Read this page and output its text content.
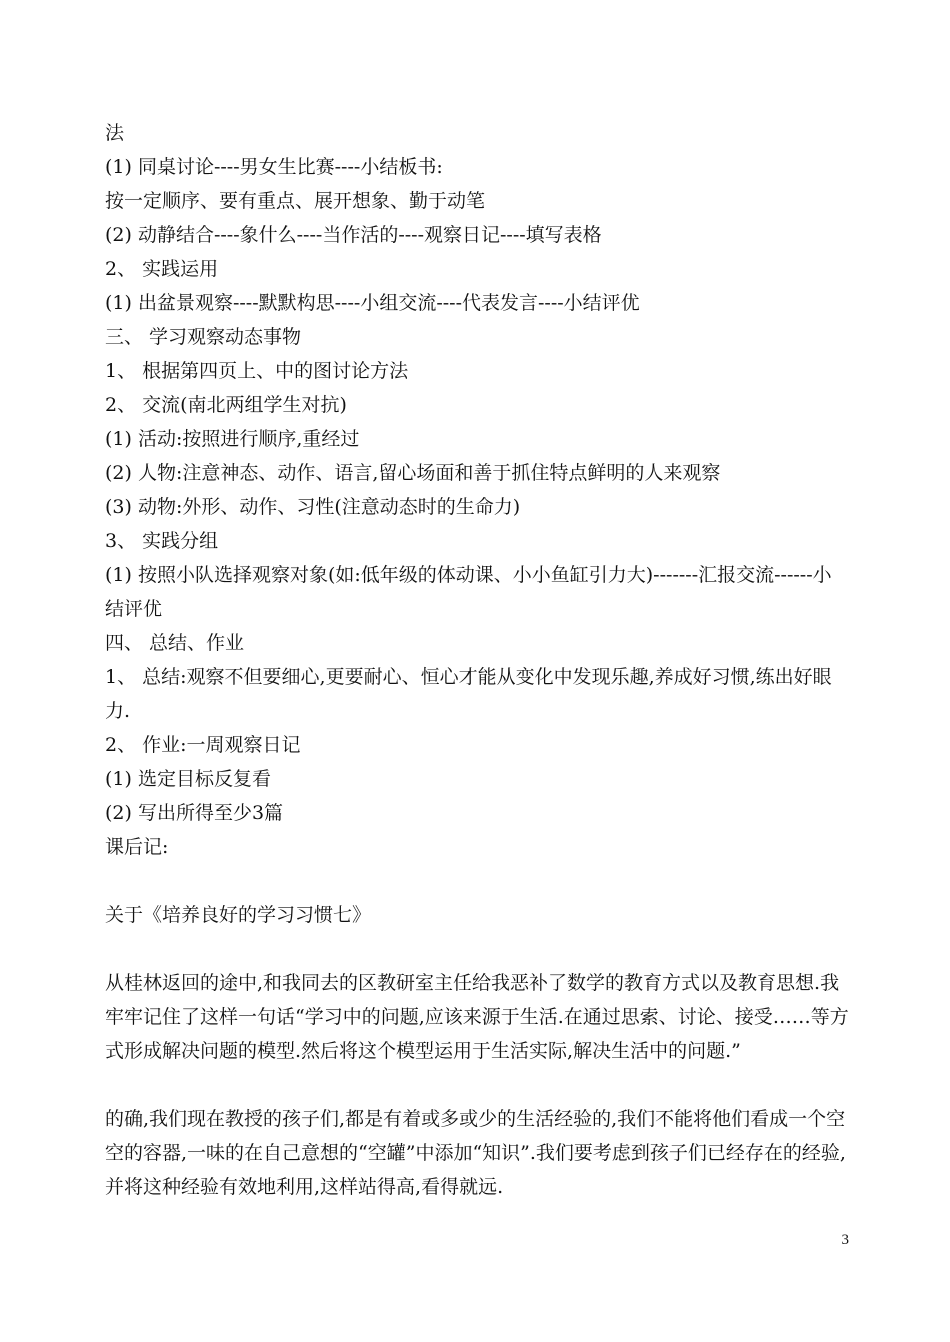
法
(1) 同桌讨论----男女生比赛----小结板书:
按一定顺序、要有重点、展开想象、勤于动笔
(2) 动静结合----象什么----当作活的----观察日记----填写表格
2、 实践运用
(1) 出盆景观察----默默构思----小组交流----代表发言----小结评优
三、 学习观察动态事物
1、 根据第四页上、中的图讨论方法
2、 交流(南北两组学生对抗)
(1) 活动:按照进行顺序,重经过
(2) 人物:注意神态、动作、语言,留心场面和善于抓住特点鲜明的人来观察
(3) 动物:外形、动作、习性(注意动态时的生命力)
3、 实践分组
(1) 按照小队选择观察对象(如:低年级的体动课、小小鱼缸引力大)-------汇报交流------小结评优
四、 总结、作业
1、 总结:观察不但要细心,更要耐心、恒心才能从变化中发现乐趣,养成好习惯,练出好眼力.
2、 作业:一周观察日记
(1) 选定目标反复看
(2) 写出所得至少3篇
课后记:
关于《培养良好的学习习惯七》
从桂林返回的途中,和我同去的区教研室主任给我恶补了数学的教育方式以及教育思想.我牢牢记住了这样一句话“学习中的问题,应该来源于生活.在通过思索、讨论、接受……等方式形成解决问题的模型.然后将这个模型运用于生活实际,解决生活中的问题.”
的确,我们现在教授的孩子们,都是有着或多或少的生活经验的,我们不能将他们看成一个空空的容器,一味的在自己意想的“空罐”中添加“知识”.我们要考虑到孩子们已经存在的经验,并将这种经验有效地利用,这样站得高,看得就远.
3
